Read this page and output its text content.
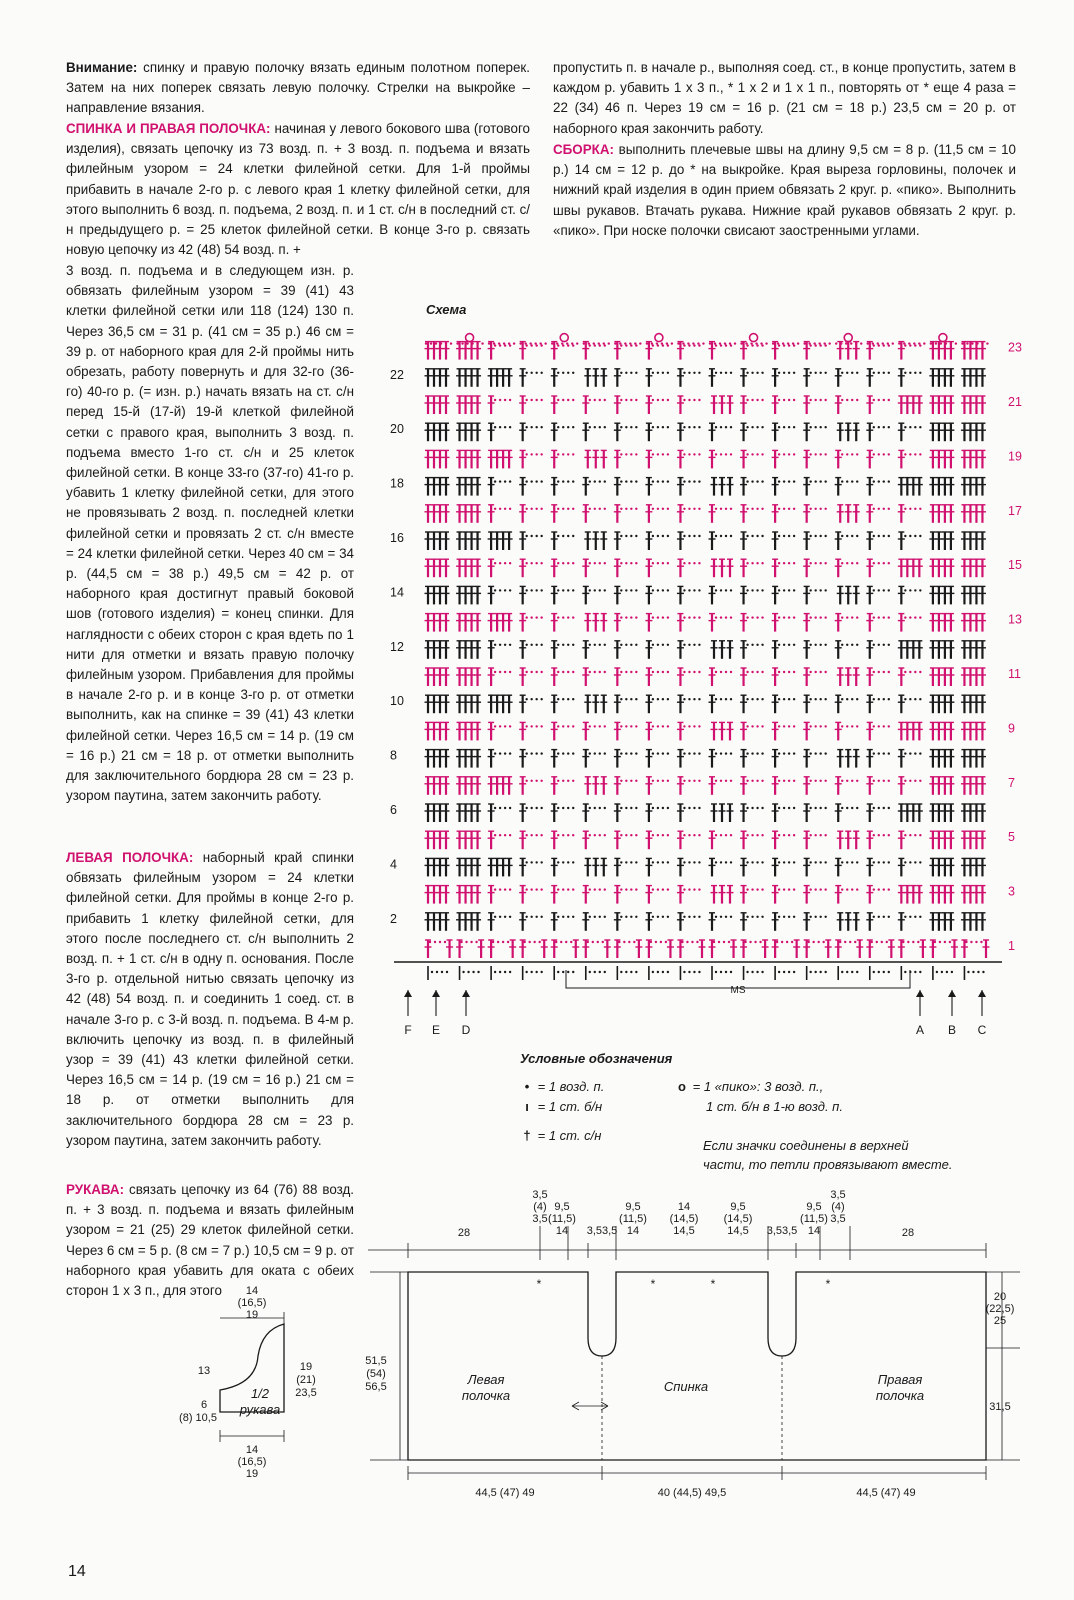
Внимание: спинку и правую полочку вязать единым полотном поперек. Затем на них поперек связать левую полочку. Стрелки на выкройке – направление вязания.
СПИНКА И ПРАВАЯ ПОЛОЧКА: начиная у левого бокового шва (готового изделия), связать цепочку из 73 возд. п. + 3 возд. п. подъема и вязать филейным узором = 24 клетки филейной сетки. Для 1-й проймы прибавить в начале 2-го р. с левого края 1 клетку филейной сетки, для этого выполнить 6 возд. п. подъема, 2 возд. п. и 1 ст. с/н в последний ст. с/н предыдущего р. = 25 клеток филейной сетки. В конце 3-го р. связать новую цепочку из 42 (48) 54 возд. п. +
3 возд. п. подъема и в следующем изн. р. обвязать филейным узором = 39 (41) 43 клетки филейной сетки или 118 (124) 130 п. Через 36,5 см = 31 р. (41 см = 35 р.) 46 см = 39 р. от наборного края для 2-й проймы нить обрезать, работу повернуть и для 32-го (36-го) 40-го р. (= изн. р.) начать вязать на ст. с/н перед 15-й (17-й) 19-й клеткой филейной сетки с правого края, выполнить 3 возд. п. подъема вместо 1-го ст. с/н и 25 клеток филейной сетки. В конце 33-го (37-го) 41-го р. убавить 1 клетку филейной сетки, для этого не провязывать 2 возд. п. последней клетки филейной сетки и провязать 2 ст. с/н вместе = 24 клетки филейной сетки. Через 40 см = 34 р. (44,5 см = 38 р.) 49,5 см = 42 р. от наборного края достигнут правый боковой шов (готового изделия) = конец спинки. Для наглядности с обеих сторон с края вдеть по 1 нити для отметки и вязать правую полочку филейным узором. Прибавления для проймы в начале 2-го р. и в конце 3-го р. от отметки выполнить, как на спинке = 39 (41) 43 клетки филейной сетки. Через 16,5 см = 14 р. (19 см = 16 р.) 21 см = 18 р. от отметки выполнить для заключительного бордюра 28 см = 23 р. узором паутина, затем закончить работу.
ЛЕВАЯ ПОЛОЧКА: наборный край спинки обвязать филейным узором = 24 клетки филейной сетки. Для проймы в конце 2-го р. прибавить 1 клетку филейной сетки, для этого после последнего ст. с/н выполнить 2 возд. п. + 1 ст. с/н в одну п. основания. После 3-го р. отдельной нитью связать цепочку из 42 (48) 54 возд. п. и соединить 1 соед. ст. в начале 3-го р. с 3-й возд. п. подъема. В 4-м р. включить цепочку из возд. п. в филейный узор = 39 (41) 43 клетки филейной сетки. Через 16,5 см = 14 р. (19 см = 16 р.) 21 см = 18 р. от отметки выполнить для заключительного бордюра 28 см = 23 р. узором паутина, затем закончить работу.
РУКАВА: связать цепочку из 64 (76) 88 возд. п. + 3 возд. п. подъема и вязать филейным узором = 21 (25) 29 клеток филейной сетки. Через 6 см = 5 р. (8 см = 7 р.) 10,5 см = 9 р. от наборного края убавить для оката с обеих сторон 1 х 3 п., для этого
пропустить п. в начале р., выполняя соед. ст., в конце пропустить, затем в каждом р. убавить 1 х 3 п., * 1 х 2 и 1 х 1 п., повторять от * еще 4 раза = 22 (34) 46 п. Через 19 см = 16 р. (21 см = 18 р.) 23,5 см = 20 р. от наборного края закончить работу.
СБОРКА: выполнить плечевые швы на длину 9,5 см = 8 р. (11,5 см = 10 р.) 14 см = 12 р. до * на выкройке. Края выреза горловины, полочек и нижний край изделия в один прием обвязать 2 круг. р. «пико». Выполнить швы рукавов. Втачать рукава. Нижние край рукавов обвязать 2 круг. р. «пико». При носке полочки свисают заостренными углами.
Схема
2
4
6
8
10
12
14
16
18
20
22
1
3
5
7
9
11
13
15
17
19
21
23
MS
F E D	A B C
Условные обозначения
• = 1 возд. п.
ı = 1 ст. б/н
† = 1 ст. с/н
o = 1 «пико»: 3 возд. п.,
1 ст. б/н в 1-ю возд. п.
Если значки соединены в верхней
части, то петли провязывают вместе.
*	*	*	*
28	28
3,5
(4)
3,5
9,5
(11,5)
14 3,53,5
9,5
(11,5)
14
14
(14,5)
14,5
9,5
(14,5)
14,5 3,53,5
9,5
(11,5)
14
3,5
(4)
3,5
20
(22,5)
25
31,5
51,5
(54)
56,5
44,5 (47) 49	40 (44,5) 49,5	44,5 (47) 49
14
(16,5)
19
13
6
(8) 10,5
19
(21)
23,5
14
(16,5)
19
Левая
полочка
Спинка	Правая
полочка
1/2
рукава
14
